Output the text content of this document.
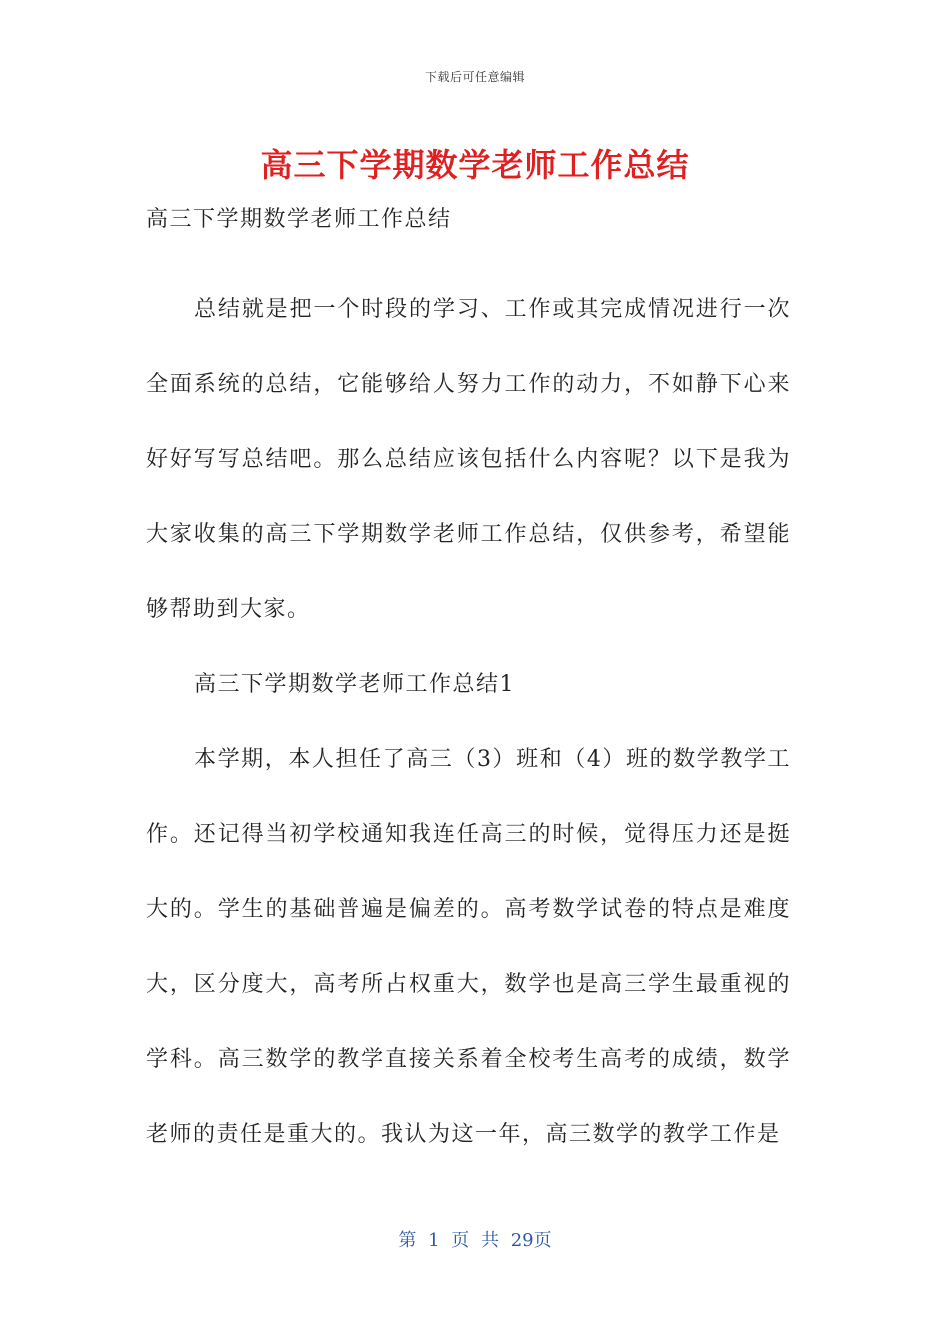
下载后可任意编辑
高三下学期数学老师工作总结

高三下学期数学老师工作总结

总结就是把一个时段的学习、工作或其完成情况进行一次全面系统的总结，它能够给人努力工作的动力，不如静下心来好好写写总结吧。那么总结应该包括什么内容呢？以下是我为大家收集的高三下学期数学老师工作总结，仅供参考，希望能够帮助到大家。

高三下学期数学老师工作总结1

本学期，本人担任了高三（3）班和（4）班的数学教学工作。还记得当初学校通知我连任高三的时候，觉得压力还是挺大的。学生的基础普遍是偏差的。高考数学试卷的特点是难度大，区分度大，高考所占权重大，数学也是高三学生最重视的学科。高三数学的教学直接关系着全校考生高考的成绩，数学老师的责任是重大的。我认为这一年，高三数学的教学工作是

第 1 页 共 29页
